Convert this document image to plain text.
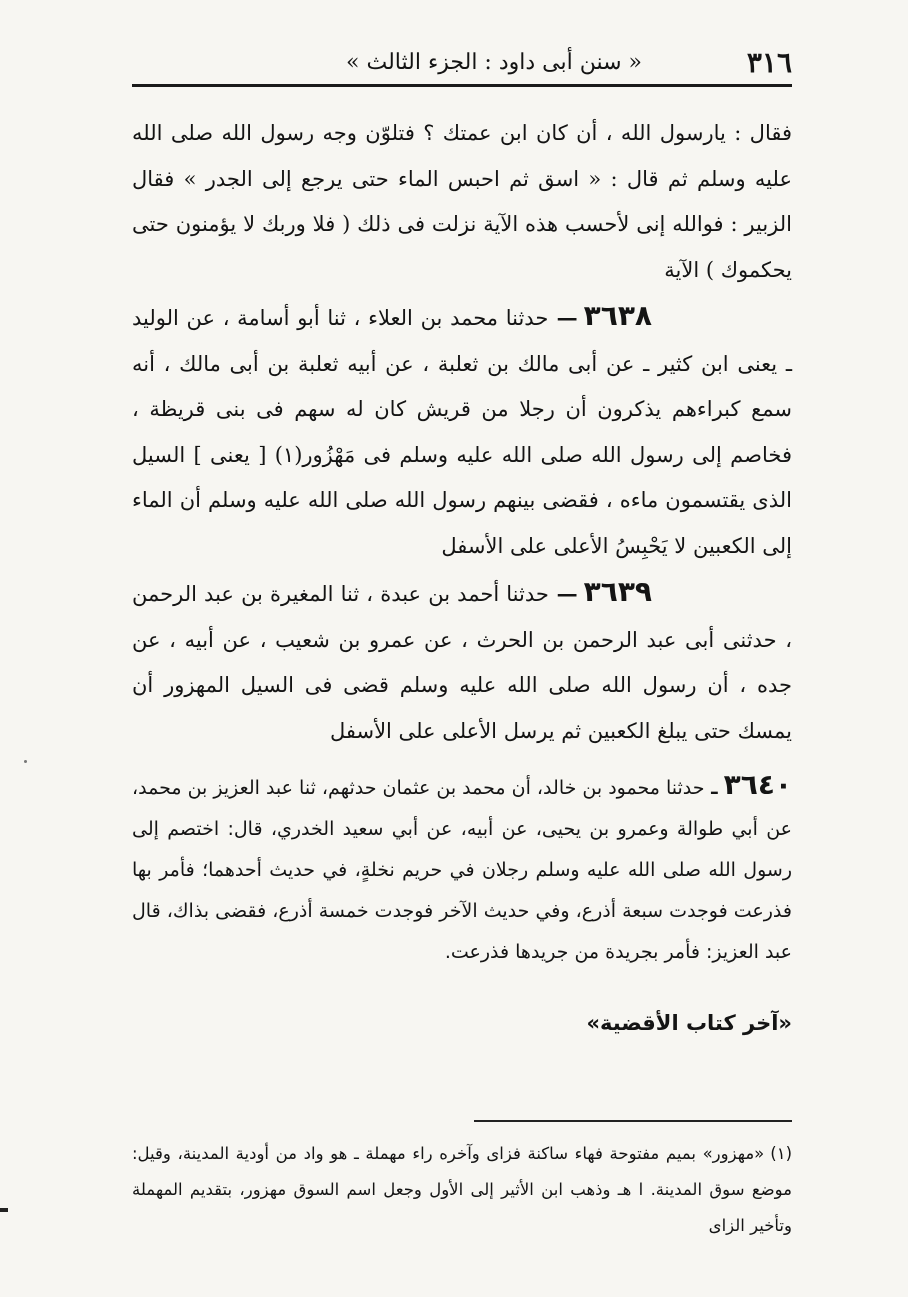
٣١٦
« سنن أبى داود : الجزء الثالث »

فقال : يارسول الله ، أن كان ابن عمتك ؟ فتلوّن وجه رسول الله صلى الله عليه وسلم ثم قال : « اسق ثم احبس الماء حتى يرجع إلى الجدر » فقال الزبير : فوالله إنى لأحسب هذه الآية نزلت فى ذلك ( فلا وربك لا يؤمنون حتى يحكموك ) الآية

٣٦٣٨— حدثنا محمد بن العلاء ، ثنا أبو أسامة ، عن الوليد ـ يعنى ابن كثير ـ عن أبى مالك بن ثعلبة ، عن أبيه ثعلبة بن أبى مالك ، أنه سمع كبراءهم يذكرون أن رجلا من قريش كان له سهم فى بنى قريظة ، فخاصم إلى رسول الله صلى الله عليه وسلم فى مَهْزُور(١) [ يعنى ] السيل الذى يقتسمون ماءه ، فقضى بينهم رسول الله صلى الله عليه وسلم أن الماء إلى الكعبين لا يَحْبِسُ الأعلى على الأسفل

٣٦٣٩— حدثنا أحمد بن عبدة ، ثنا المغيرة بن عبد الرحمن ، حدثنى أبى عبد الرحمن بن الحرث ، عن عمرو بن شعيب ، عن أبيه ، عن جده ، أن رسول الله صلى الله عليه وسلم قضى فى السيل المهزور أن يمسك حتى يبلغ الكعبين ثم يرسل الأعلى على الأسفل

٣٦٤٠ـ حدثنا محمود بن خالد، أن محمد بن عثمان حدثهم، ثنا عبد العزيز بن محمد، عن أبي طوالة وعمرو بن يحيى، عن أبيه، عن أبي سعيد الخدري، قال: اختصم إلى رسول الله صلى الله عليه وسلم رجلان في حريم نخلةٍ، في حديث أحدهما؛ فأمر بها فذرعت فوجدت سبعة أذرع، وفي حديث الآخر فوجدت خمسة أذرع، فقضى بذاك، قال عبد العزيز: فأمر بجريدة من جريدها فذرعت.

«آخر كتاب الأقضية»
(١)«مهزور» بميم مفتوحة فهاء ساكنة فزاى وآخره راء مهملة ـ هو واد من أودية المدينة، وقيل: موضع سوق المدينة. ا هـ وذهب ابن الأثير إلى الأول وجعل اسم السوق مهزور، بتقديم المهملة وتأخير الزاى
